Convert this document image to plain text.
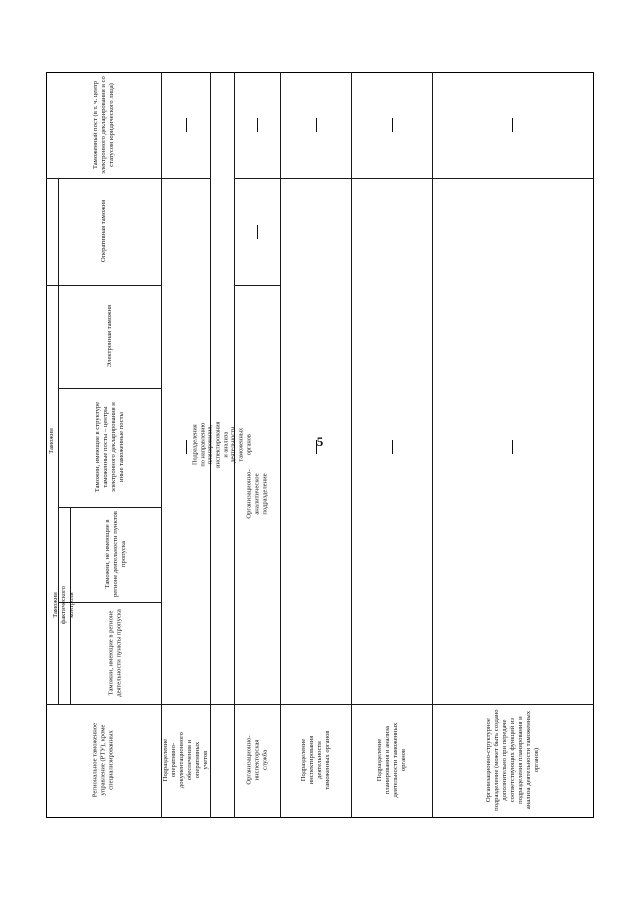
5
Региональное таможенное управление (РТУ), кроме специализированных
Таможни
Таможни фактического контроля
Таможни, имеющие в регионе деятельности пункты пропуска
Таможни, не имеющие в регионе деятельности пунктов пропуска
Таможни, имеющие в структуре таможенные посты – центры электронного декларирования и иные таможенные посты
Электронная таможня
Оперативная таможня
Таможенный пост (в т. ч. центр электронного декларирования и со статусом юридического лица)
Подразделение оперативно-документационного обеспечения и оперативных учетов
Подразделения по направлению планирования, инспектирования и анализа деятельности таможенных органов
Организационно-инспекторская служба
Организационно-аналитическое подразделение
Подразделение инспектирования деятельности таможенных органов	Подразделение планирования и анализа деятельности таможенных органов	Организационно-структурное подразделение (может быть создано дополнительно при передаче соответствующих функций из подразделения планирования и анализа деятельности таможенных органов)
